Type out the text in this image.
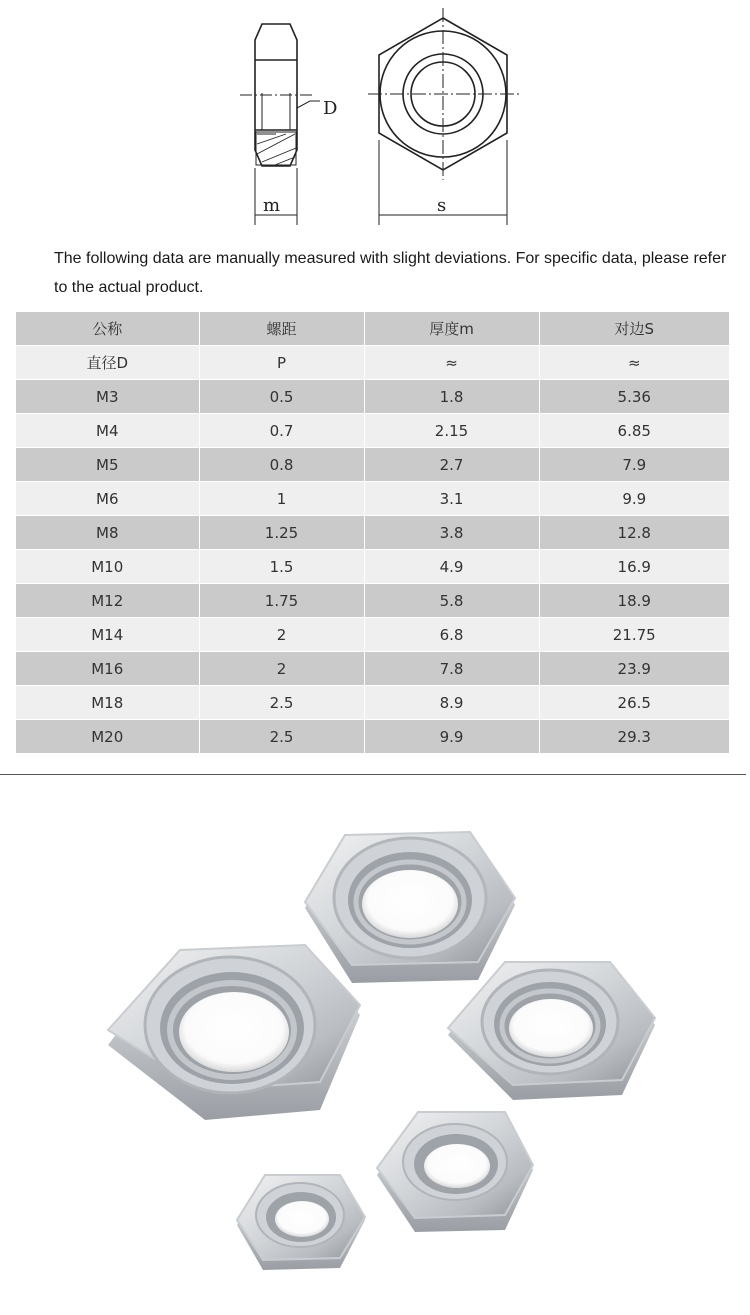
D
m	s
The following data are manually measured with slight deviations. For specific data, please refer to the actual product.
公称	螺距	厚度m	对边S
直径D	P	≈	≈
M3	0.5	1.8	5.36
M4	0.7	2.15	6.85
M5	0.8	2.7	7.9
M6	1	3.1	9.9
M8	1.25	3.8	12.8
M10	1.5	4.9	16.9
M12	1.75	5.8	18.9
M14	2	6.8	21.75
M16	2	7.8	23.9
M18	2.5	8.9	26.5
M20	2.5	9.9	29.3
